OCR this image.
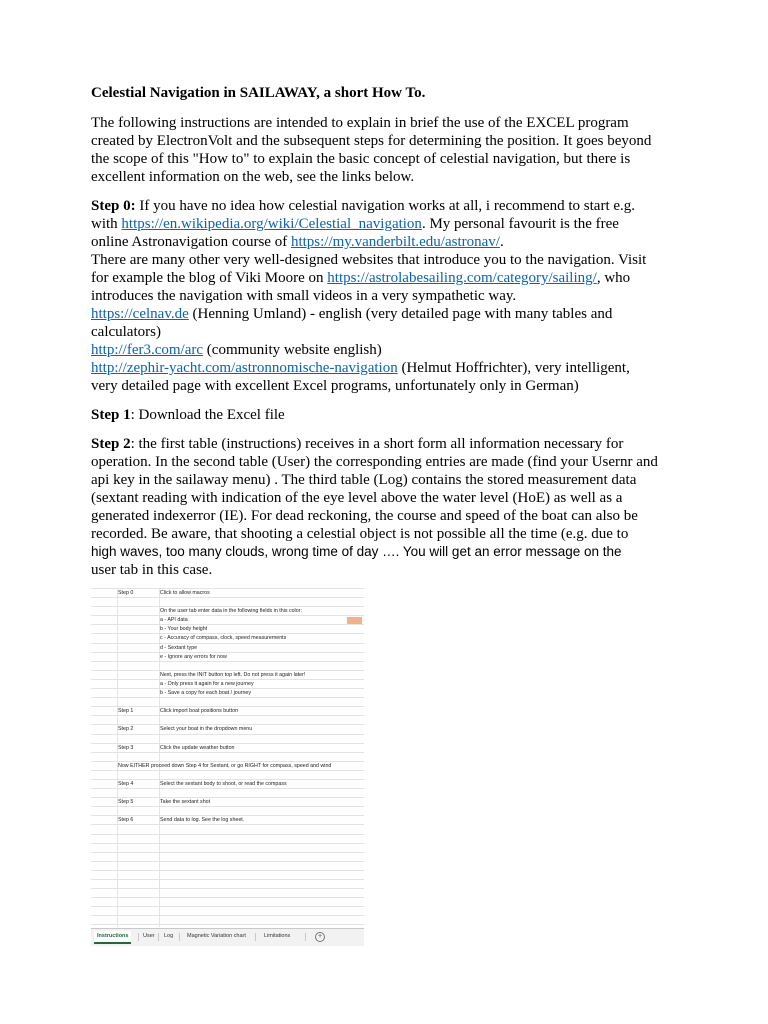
Celestial Navigation in SAILAWAY, a short How To.

The following instructions are intended to explain in brief the use of the EXCEL program
created by ElectronVolt and the subsequent steps for determining the position. It goes beyond
the scope of this "How to" to explain the basic concept of celestial navigation, but there is
excellent information on the web, see the links below.

Step 0: If you have no idea how celestial navigation works at all, i recommend to start e.g.
with https://en.wikipedia.org/wiki/Celestial_navigation. My personal favourit is the free
online Astronavigation course of https://my.vanderbilt.edu/astronav/.
There are many other very well-designed websites that introduce you to the navigation. Visit
for example the blog of Viki Moore on https://astrolabesailing.com/category/sailing/, who
introduces the navigation with small videos in a very sympathetic way.
https://celnav.de (Henning Umland) - english (very detailed page with many tables and
calculators)
http://fer3.com/arc (community website english)
http://zephir-yacht.com/astronnomische-navigation (Helmut Hoffrichter), very intelligent,
very detailed page with excellent Excel programs, unfortunately only in German)

Step 1: Download the Excel file

Step 2: the first table (instructions) receives in a short form all information necessary for
operation. In the second table (User) the corresponding entries are made (find your Usernr and
api key in the sailaway menu) . The third table (Log) contains the stored measurement data
(sextant reading with indication of the eye level above the water level (HoE) as well as a
generated indexerror (IE). For dead reckoning, the course and speed of the boat can also be
recorded. Be aware, that shooting a celestial object is not possible all the time (e.g. due to
high waves, too many clouds, wrong time of day …. You will get an error message on the
user tab in this case.

Step 0	Click to allow macros
On the user tab enter data in the following fields in this color:
a - API data
b - Your body height
c - Accuracy of compass, clock, speed measurements
d - Sextant type
e - Ignore any errors for now
Next, press the INIT button top left. Do not press it again later!
a - Only press it again for a new journey
b - Save a copy for each boat / journey
Step 1	Click import boat positions button
Step 2	Select your boat in the dropdown menu
Step 3	Click the update weather button
Now EITHER proceed down Step 4 for Sextant, or go RIGHT for compass, speed and wind
Step 4	Select the sextant body to shoot, or read the compass
Step 5	Take the sextant shot
Step 6	Send data to log. See the log sheet.
Instructions	User	Log	Magnetic Variation chart	Limitations	+
